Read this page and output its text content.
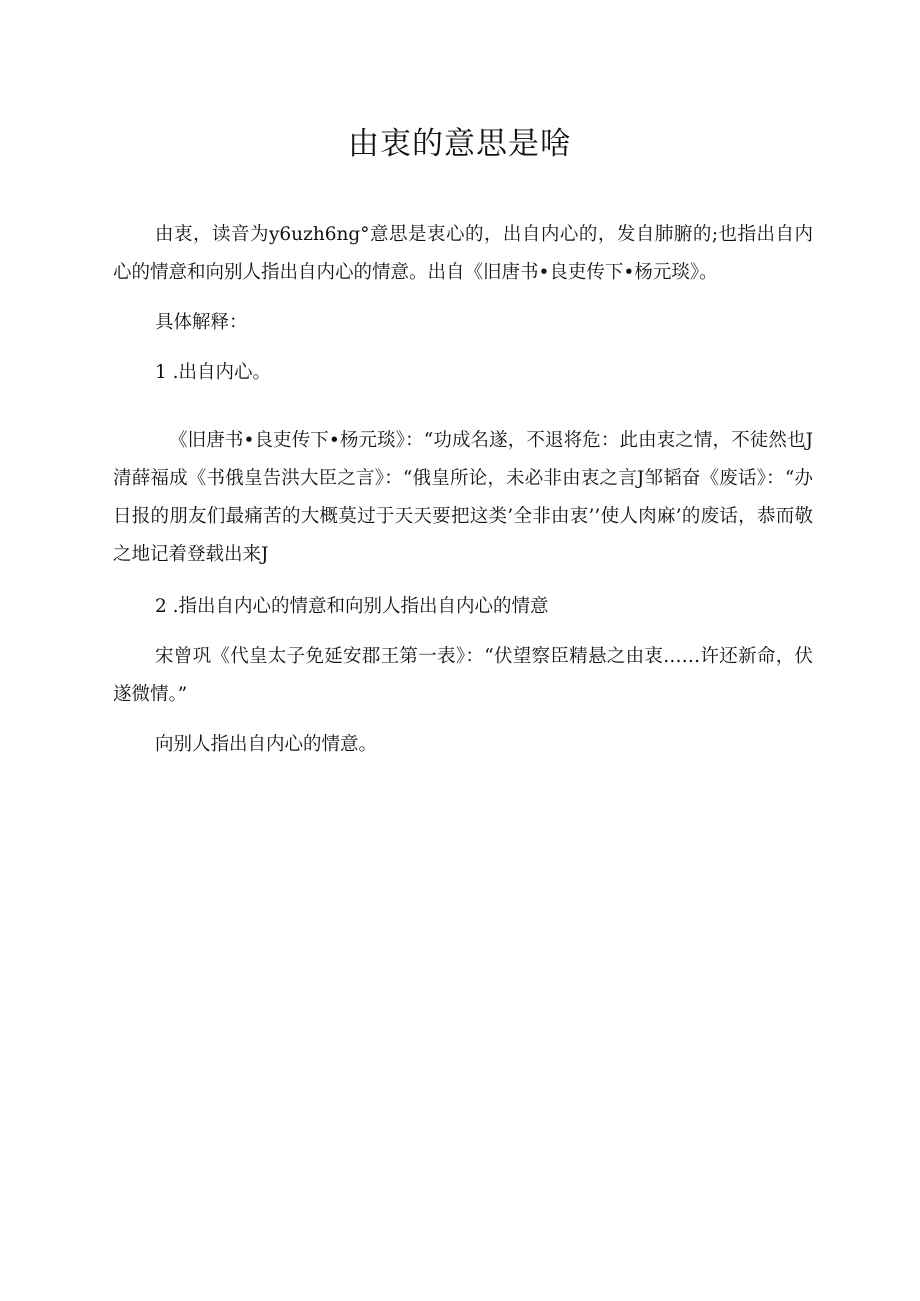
由衷的意思是啥

由衷，读音为y6uzh6ng°意思是衷心的，出自内心的，发自肺腑的;也指出自内心的情意和向别人指出自内心的情意。出自《旧唐书•良吏传下•杨元琰》。

具体解释：

1 .出自内心。

《旧唐书•良吏传下•杨元琰》：“功成名遂，不退将危：此由衷之情，不徒然也J清薛福成《书俄皇告洪大臣之言》：“俄皇所论，未必非由衷之言J邹韬奋《废话》：“办日报的朋友们最痛苦的大概莫过于天天要把这类’全非由衷’’使人肉麻’的废话，恭而敬之地记着登载出来J

2 .指出自内心的情意和向别人指出自内心的情意

宋曾巩《代皇太子免延安郡王第一表》：“伏望察臣精悬之由衷……许还新命，伏遂微情。”

向别人指出自内心的情意。
